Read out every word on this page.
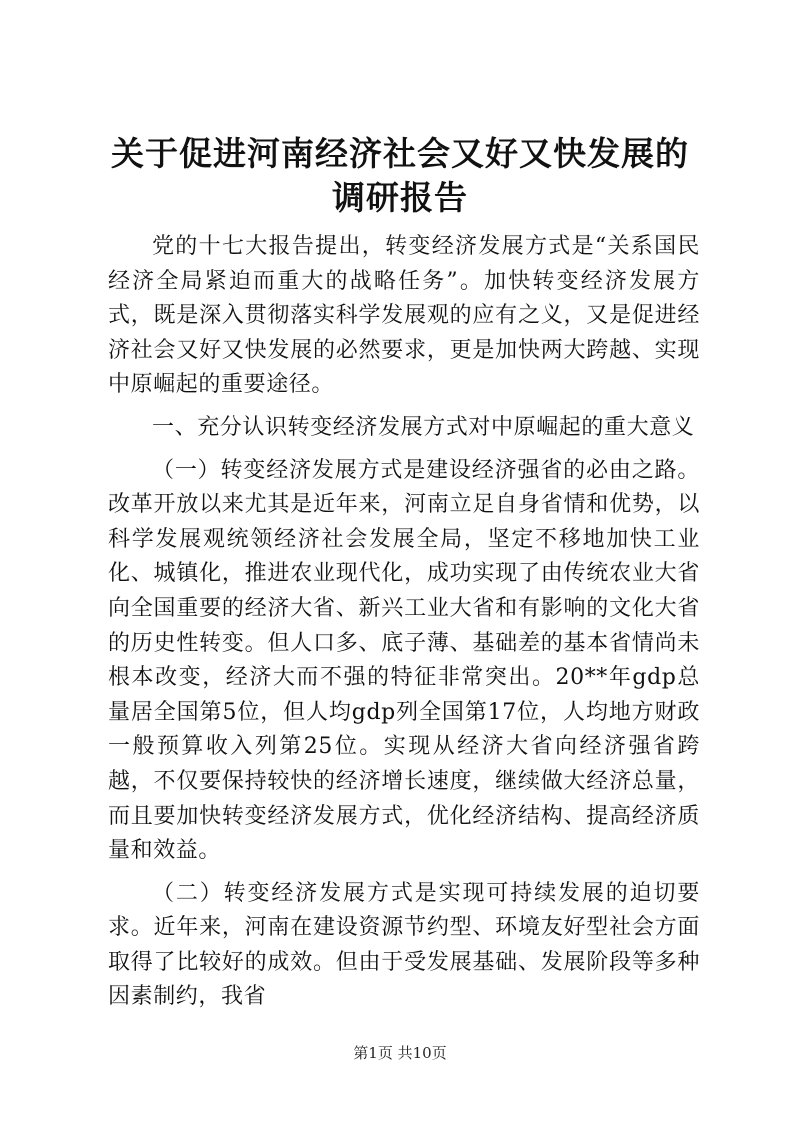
关于促进河南经济社会又好又快发展的调研报告

党的十七大报告提出，转变经济发展方式是“关系国民经济全局紧迫而重大的战略任务”。加快转变经济发展方式，既是深入贯彻落实科学发展观的应有之义，又是促进经济社会又好又快发展的必然要求，更是加快两大跨越、实现中原崛起的重要途径。

一、充分认识转变经济发展方式对中原崛起的重大意义

（一）转变经济发展方式是建设经济强省的必由之路。改革开放以来尤其是近年来，河南立足自身省情和优势，以科学发展观统领经济社会发展全局，坚定不移地加快工业化、城镇化，推进农业现代化，成功实现了由传统农业大省向全国重要的经济大省、新兴工业大省和有影响的文化大省的历史性转变。但人口多、底子薄、基础差的基本省情尚未根本改变，经济大而不强的特征非常突出。20**年gdp总量居全国第5位，但人均gdp列全国第17位，人均地方财政一般预算收入列第25位。实现从经济大省向经济强省跨越，不仅要保持较快的经济增长速度，继续做大经济总量，而且要加快转变经济发展方式，优化经济结构、提高经济质量和效益。

（二）转变经济发展方式是实现可持续发展的迫切要求。近年来，河南在建设资源节约型、环境友好型社会方面取得了比较好的成效。但由于受发展基础、发展阶段等多种因素制约，我省

第1页 共10页
